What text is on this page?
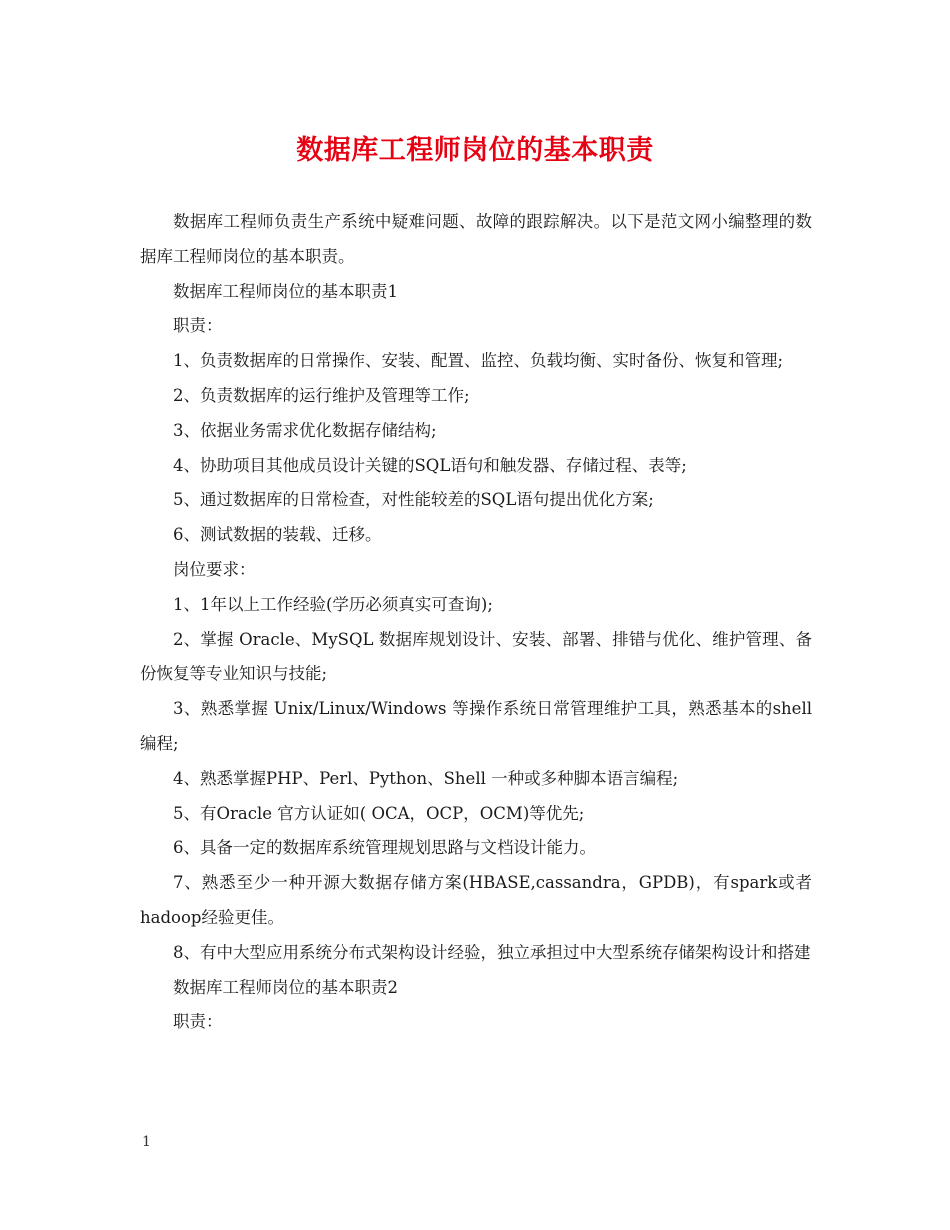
数据库工程师岗位的基本职责

数据库工程师负责生产系统中疑难问题、故障的跟踪解决。以下是范文网小编整理的数据库工程师岗位的基本职责。

数据库工程师岗位的基本职责1

职责：

1、负责数据库的日常操作、安装、配置、监控、负载均衡、实时备份、恢复和管理;

2、负责数据库的运行维护及管理等工作;

3、依据业务需求优化数据存储结构;

4、协助项目其他成员设计关键的SQL语句和触发器、存储过程、表等;

5、通过数据库的日常检查，对性能较差的SQL语句提出优化方案;

6、测试数据的装载、迁移。

岗位要求：

1、1年以上工作经验(学历必须真实可查询);

2、掌握 Oracle、MySQL 数据库规划设计、安装、部署、排错与优化、维护管理、备份恢复等专业知识与技能;

3、熟悉掌握 Unix/Linux/Windows 等操作系统日常管理维护工具，熟悉基本的shell 编程;

4、熟悉掌握PHP、Perl、Python、Shell 一种或多种脚本语言编程;

5、有Oracle 官方认证如( OCA，OCP，OCM)等优先;

6、具备一定的数据库系统管理规划思路与文档设计能力。

7、熟悉至少一种开源大数据存储方案(HBASE,cassandra，GPDB)，有spark或者hadoop经验更佳。

8、有中大型应用系统分布式架构设计经验，独立承担过中大型系统存储架构设计和搭建

数据库工程师岗位的基本职责2

职责：

1
